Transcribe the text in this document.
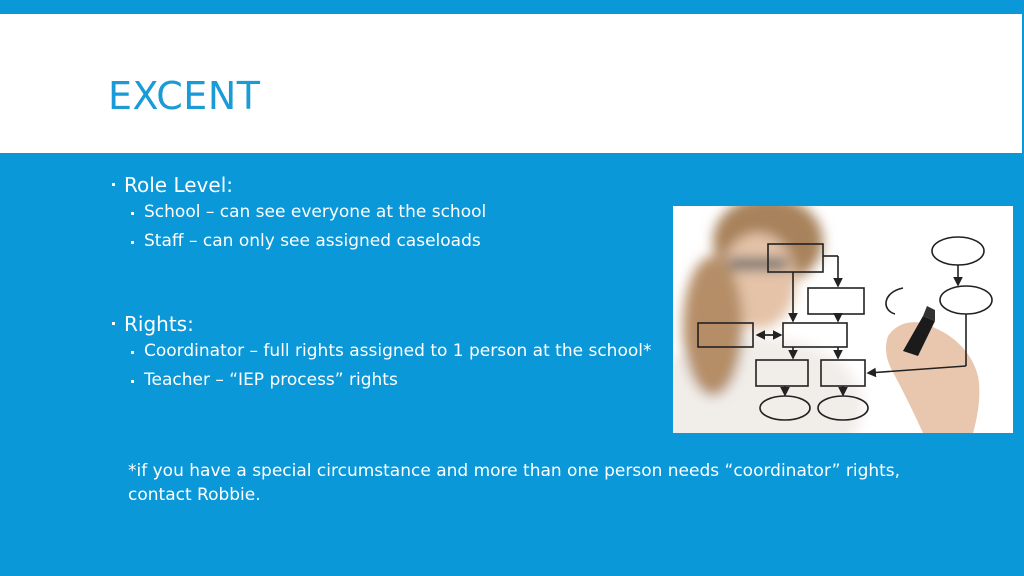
EXCENT
Role Level:
School – can see everyone at the school
Staff – can only see assigned caseloads
Rights:
Coordinator – full rights assigned to 1 person at the school*
Teacher – “IEP process” rights

*if you have a special circumstance and more than one person needs “coordinator” rights, contact Robbie.
